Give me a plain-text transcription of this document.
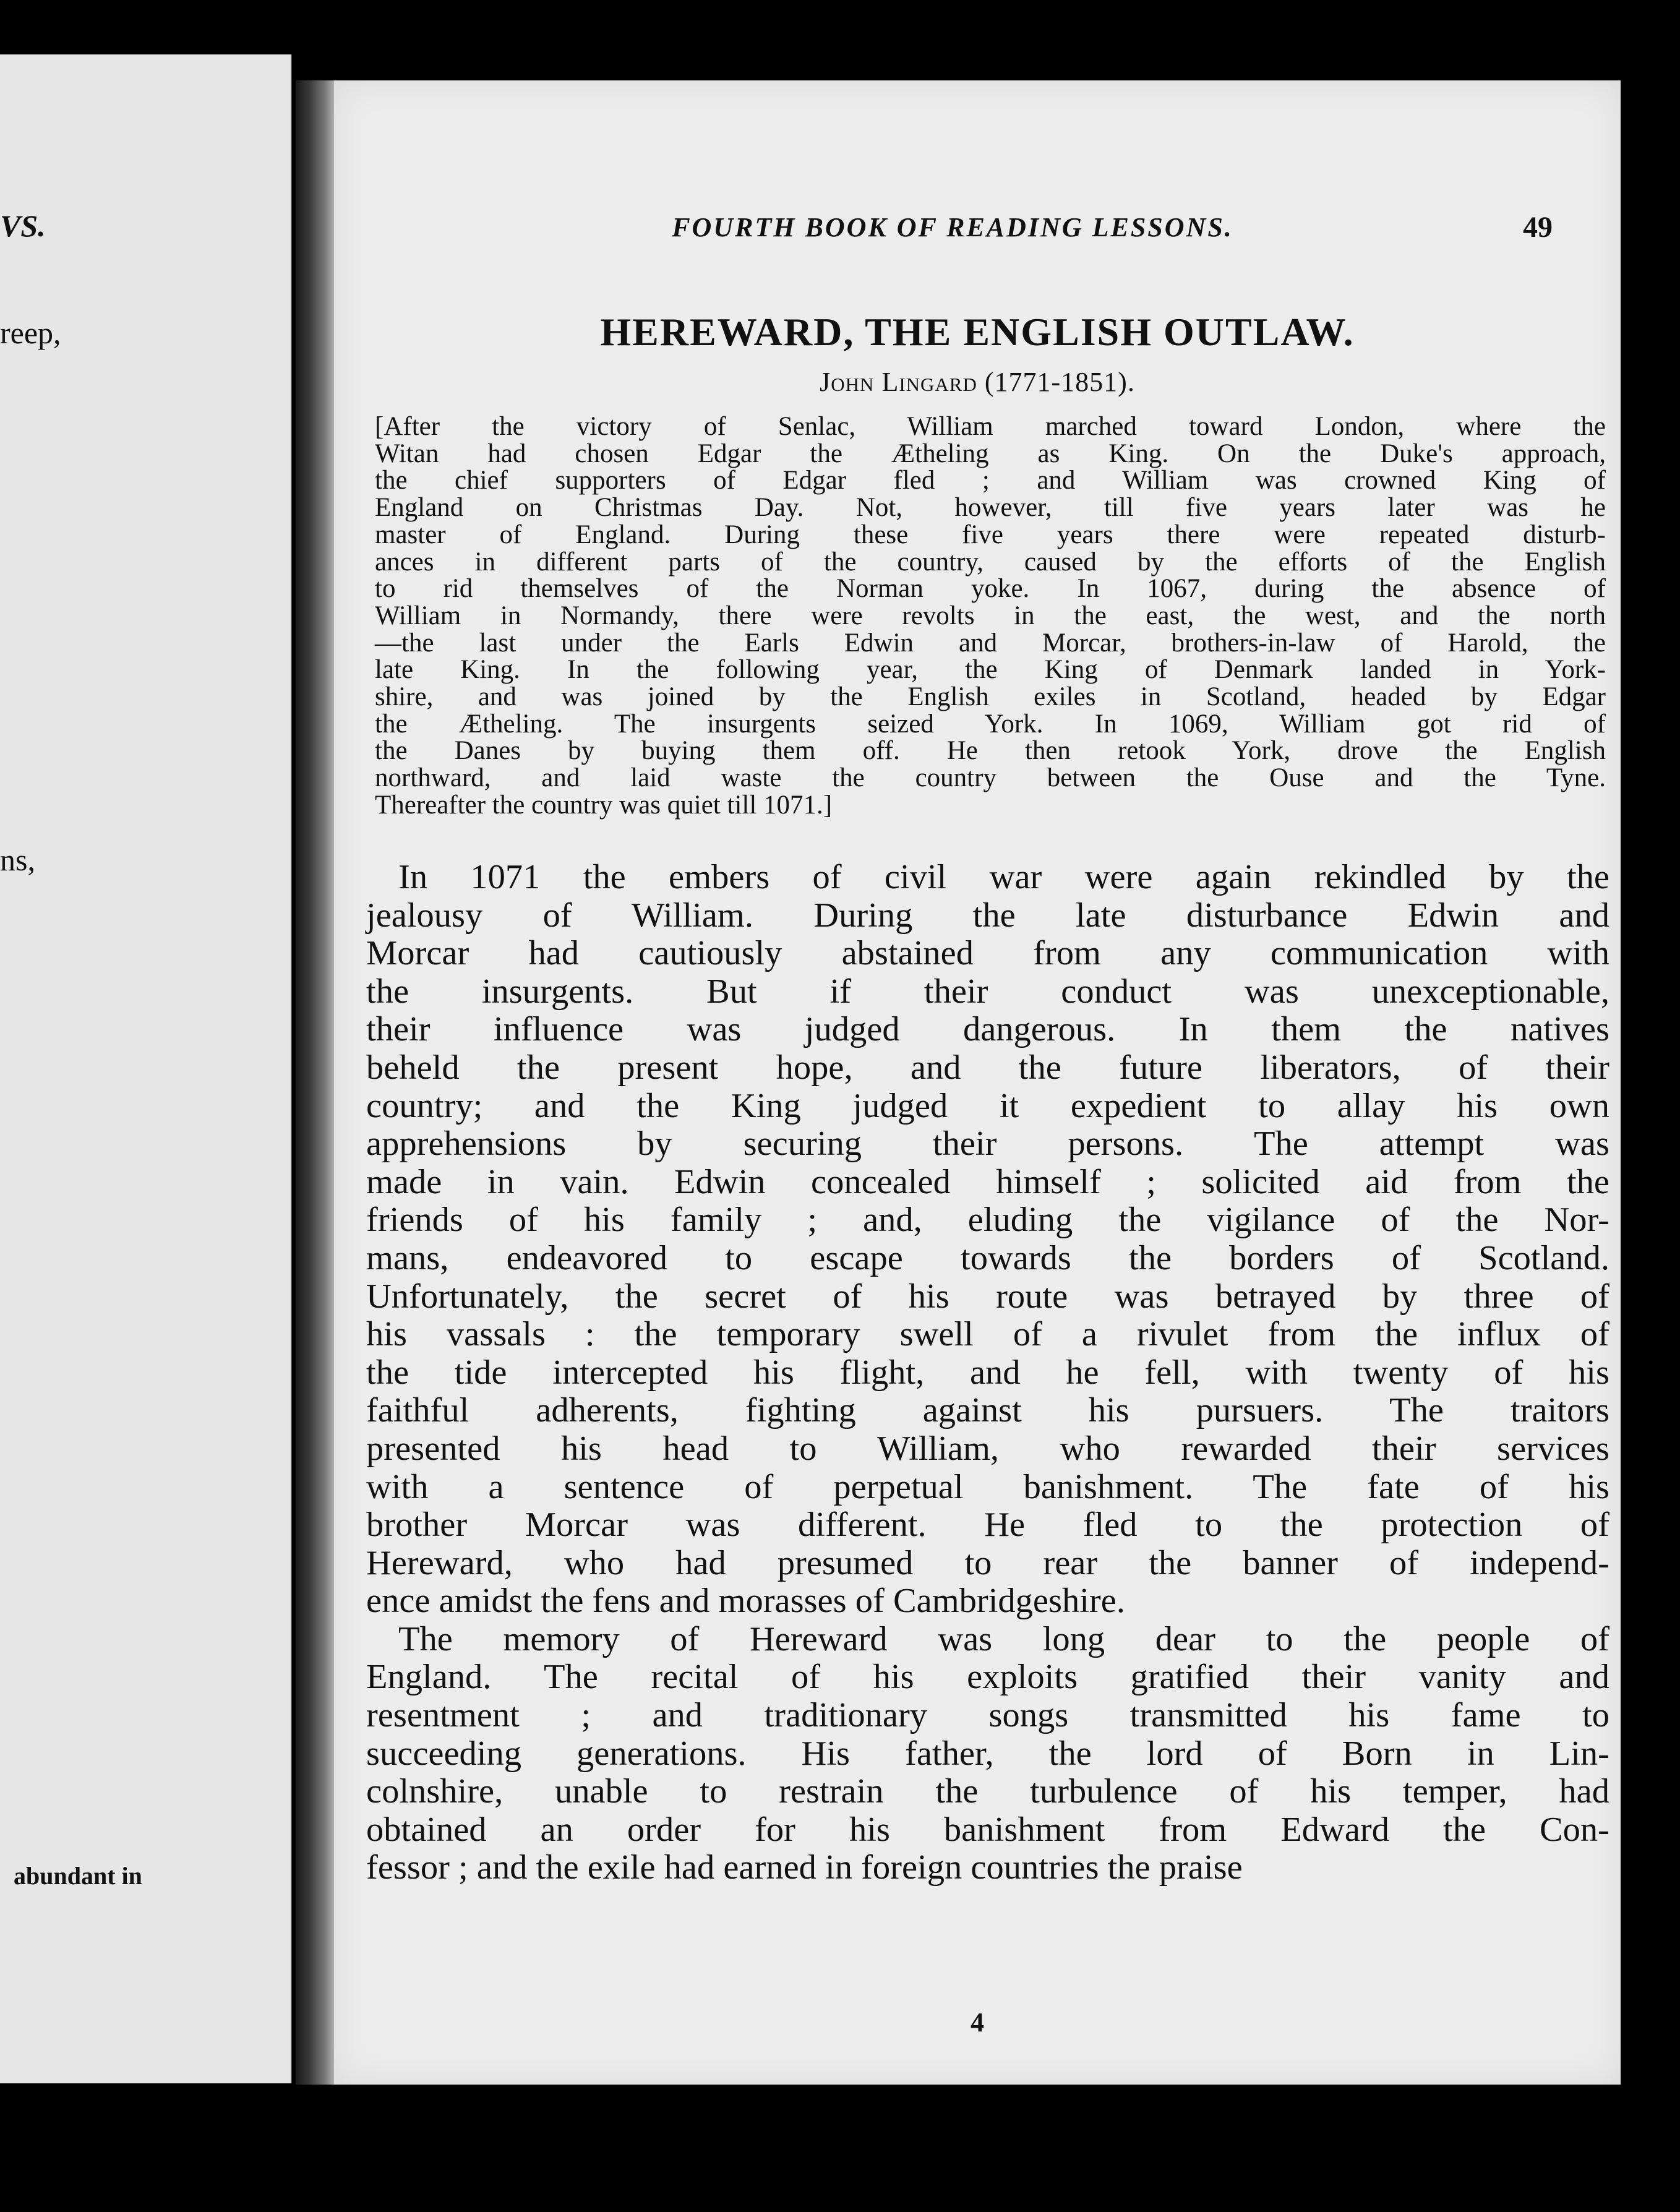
VS.
reep,
ns,
abundant in
FOURTH BOOK OF READING LESSONS.	49
HEREWARD, THE ENGLISH OUTLAW.
John Lingard (1771-1851).
[After the victory of Senlac, William marched toward London, where the
Witan had chosen Edgar the Ætheling as King. On the Duke's approach,
the chief supporters of Edgar fled ; and William was crowned King of
England on Christmas Day. Not, however, till five years later was he
master of England. During these five years there were repeated disturb-
ances in different parts of the country, caused by the efforts of the English
to rid themselves of the Norman yoke. In 1067, during the absence of
William in Normandy, there were revolts in the east, the west, and the north
—the last under the Earls Edwin and Morcar, brothers-in-law of Harold, the
late King. In the following year, the King of Denmark landed in York-
shire, and was joined by the English exiles in Scotland, headed by Edgar
the Ætheling. The insurgents seized York. In 1069, William got rid of
the Danes by buying them off. He then retook York, drove the English
northward, and laid waste the country between the Ouse and the Tyne.
Thereafter the country was quiet till 1071.]
In 1071 the embers of civil war were again rekindled by the
jealousy of William. During the late disturbance Edwin and
Morcar had cautiously abstained from any communication with
the insurgents. But if their conduct was unexceptionable,
their influence was judged dangerous. In them the natives
beheld the present hope, and the future liberators, of their
country; and the King judged it expedient to allay his own
apprehensions by securing their persons. The attempt was
made in vain. Edwin concealed himself ; solicited aid from the
friends of his family ; and, eluding the vigilance of the Nor-
mans, endeavored to escape towards the borders of Scotland.
Unfortunately, the secret of his route was betrayed by three of
his vassals : the temporary swell of a rivulet from the influx of
the tide intercepted his flight, and he fell, with twenty of his
faithful adherents, fighting against his pursuers. The traitors
presented his head to William, who rewarded their services
with a sentence of perpetual banishment. The fate of his
brother Morcar was different. He fled to the protection of
Hereward, who had presumed to rear the banner of independ-
ence amidst the fens and morasses of Cambridgeshire.
The memory of Hereward was long dear to the people of
England. The recital of his exploits gratified their vanity and
resentment ; and traditionary songs transmitted his fame to
succeeding generations. His father, the lord of Born in Lin-
colnshire, unable to restrain the turbulence of his temper, had
obtained an order for his banishment from Edward the Con-
fessor ; and the exile had earned in foreign countries the praise
4
